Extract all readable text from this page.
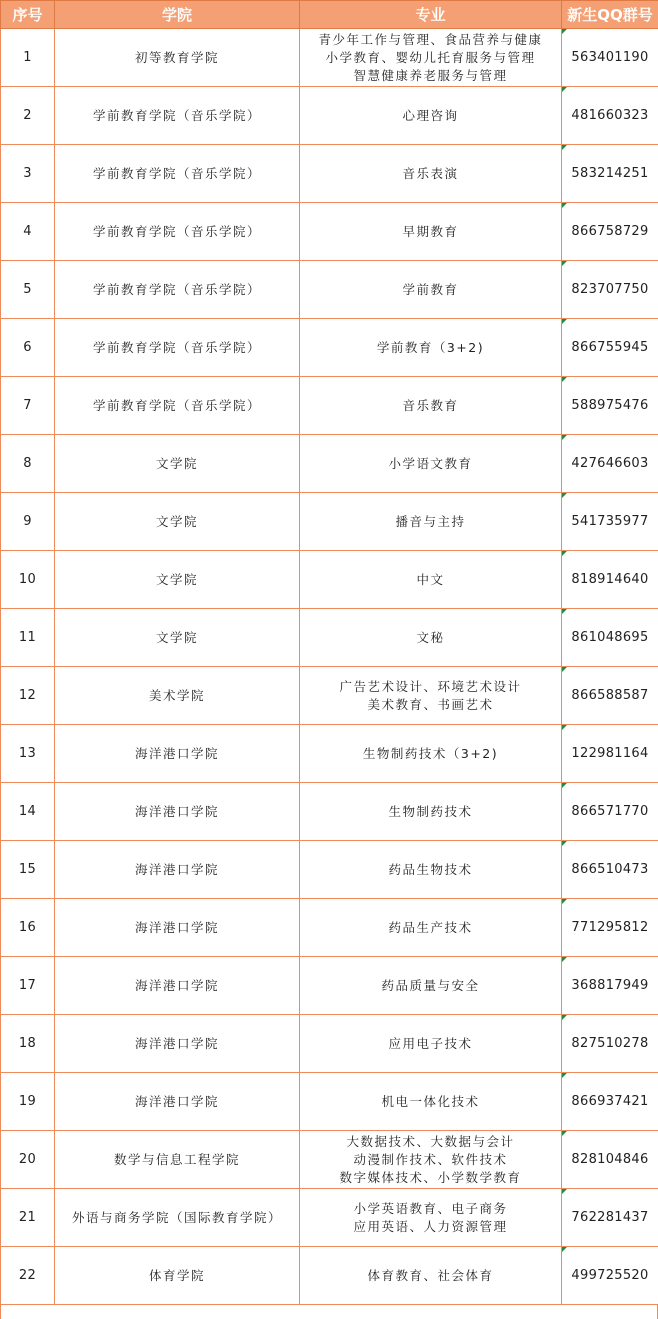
序号	学院	专业	新生QQ群号
1	初等教育学院	青少年工作与管理、食品营养与健康
小学教育、婴幼儿托育服务与管理
智慧健康养老服务与管理	563401190
2	学前教育学院（音乐学院）	心理咨询	481660323
3	学前教育学院（音乐学院）	音乐表演	583214251
4	学前教育学院（音乐学院）	早期教育	866758729
5	学前教育学院（音乐学院）	学前教育	823707750
6	学前教育学院（音乐学院）	学前教育（3+2)	866755945
7	学前教育学院（音乐学院）	音乐教育	588975476
8	文学院	小学语文教育	427646603
9	文学院	播音与主持	541735977
10	文学院	中文	818914640
11	文学院	文秘	861048695
12	美术学院	广告艺术设计、环境艺术设计
美术教育、书画艺术	866588587
13	海洋港口学院	生物制药技术（3+2)	122981164
14	海洋港口学院	生物制药技术	866571770
15	海洋港口学院	药品生物技术	866510473
16	海洋港口学院	药品生产技术	771295812
17	海洋港口学院	药品质量与安全	368817949
18	海洋港口学院	应用电子技术	827510278
19	海洋港口学院	机电一体化技术	866937421
20	数学与信息工程学院	大数据技术、大数据与会计
动漫制作技术、软件技术
数字媒体技术、小学数学教育	828104846
21	外语与商务学院（国际教育学院）	小学英语教育、电子商务
应用英语、人力资源管理	762281437
22	体育学院	体育教育、社会体育	499725520
